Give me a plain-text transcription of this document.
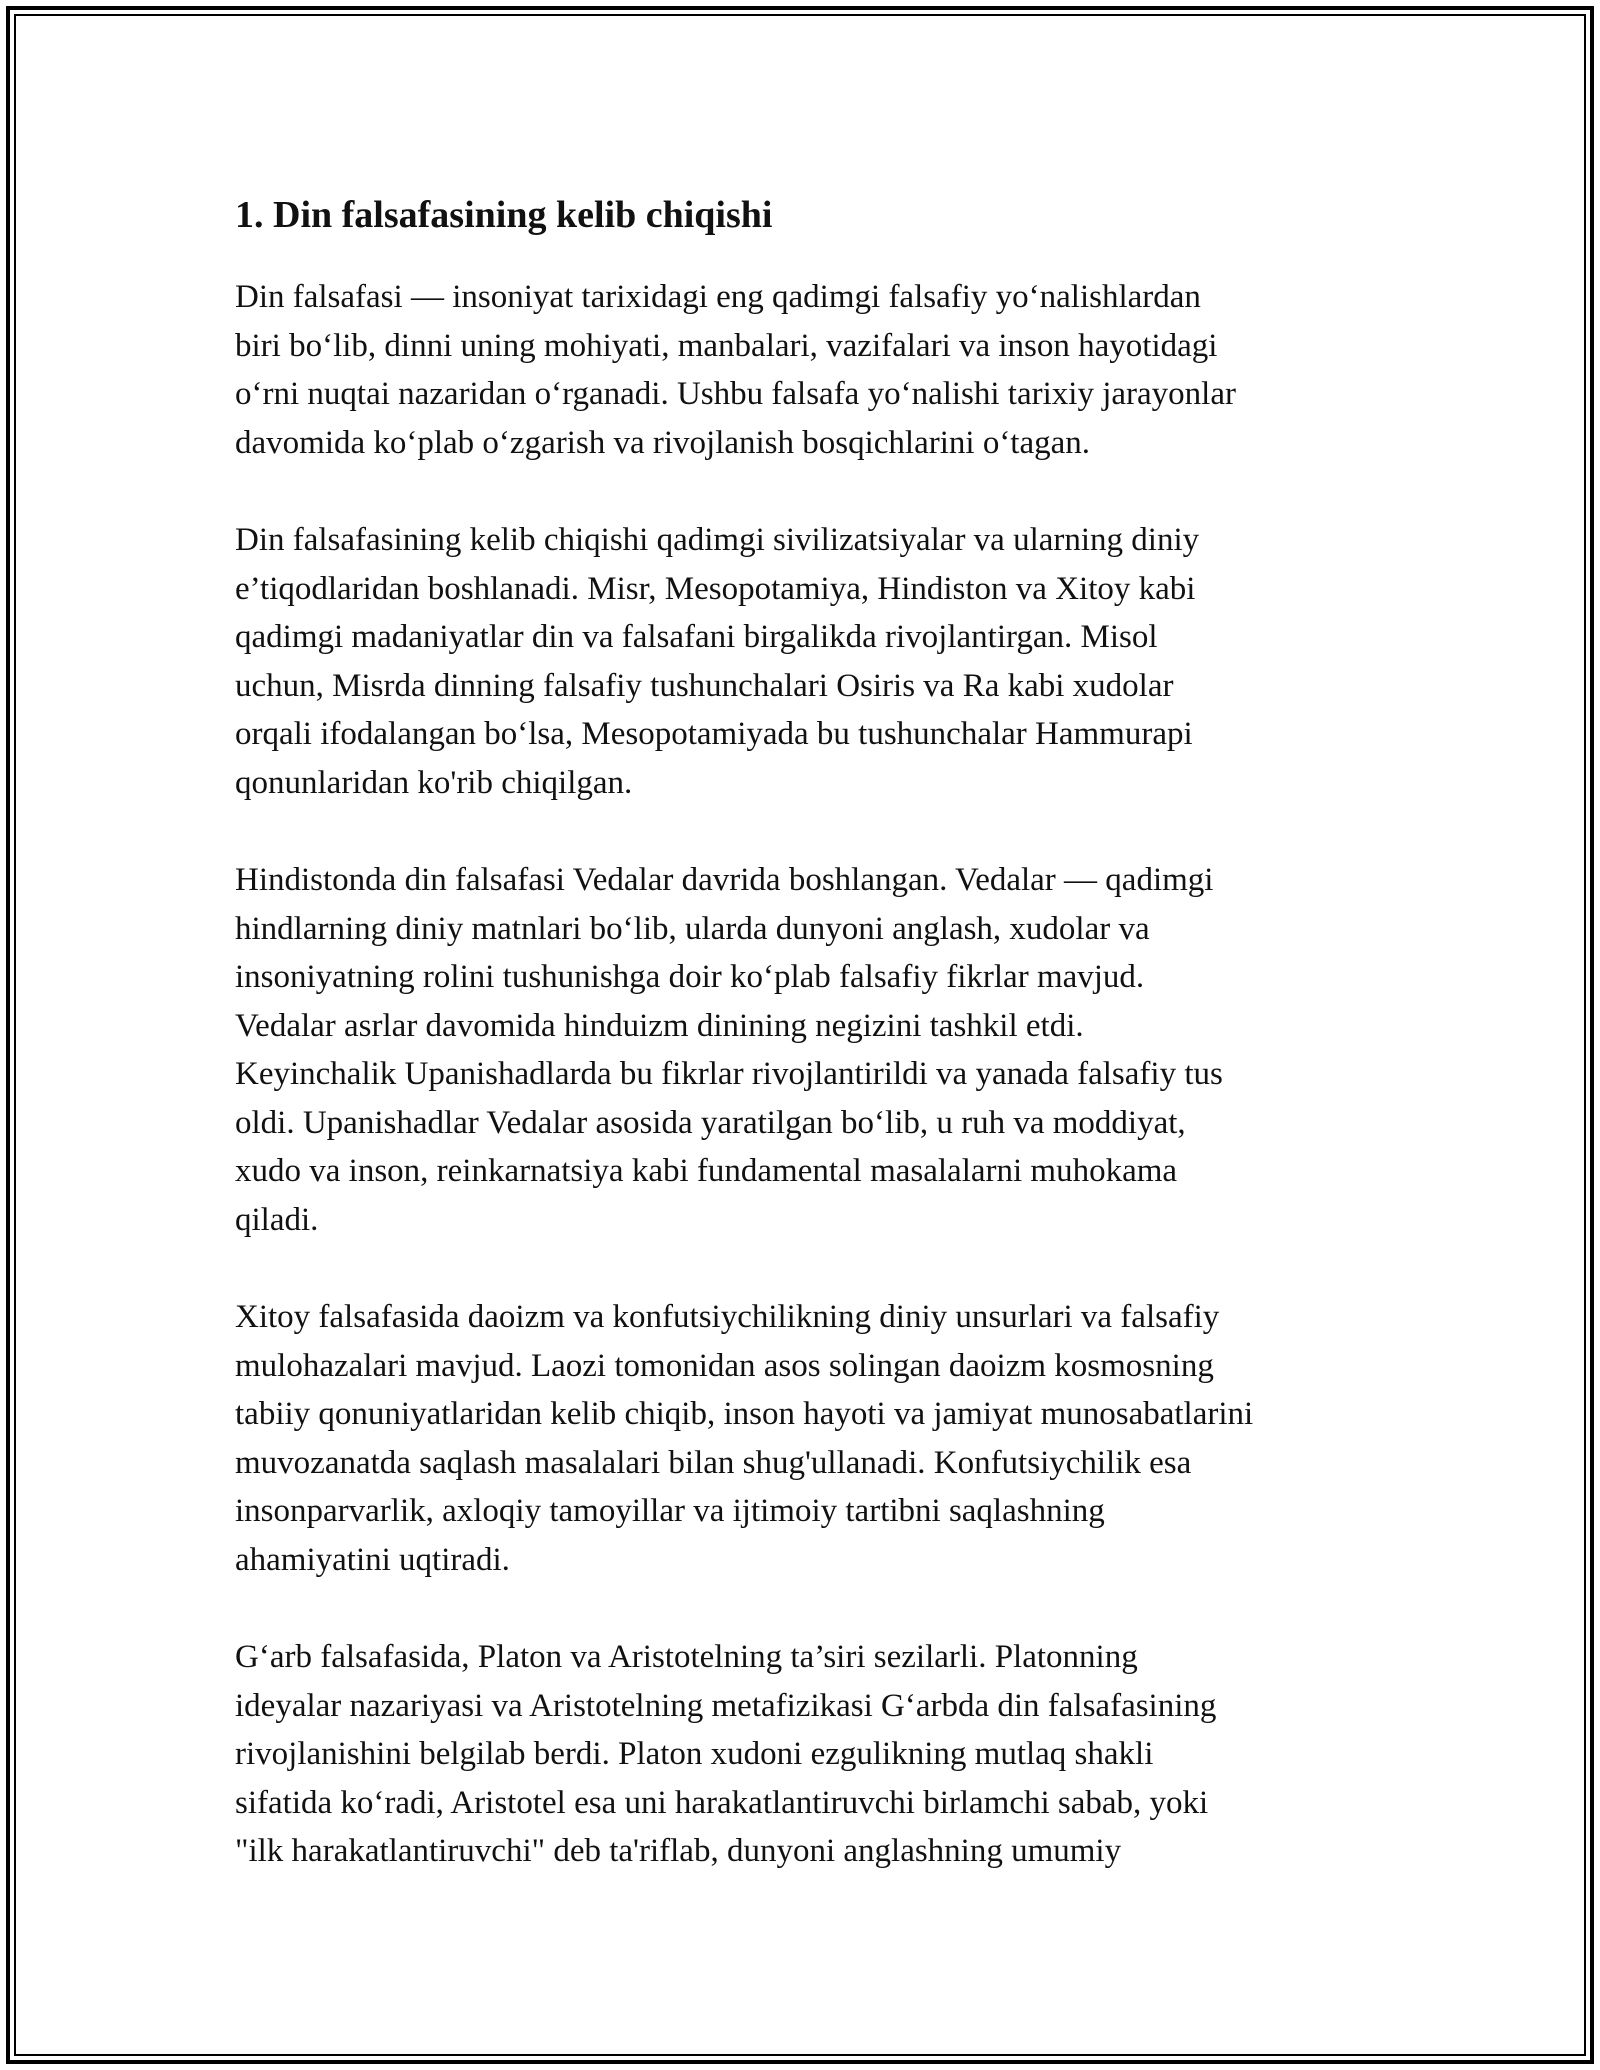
1. Din falsafasining kelib chiqishi

Din falsafasi — insoniyat tarixidagi eng qadimgi falsafiy yoʻnalishlardan
biri boʻlib, dinni uning mohiyati, manbalari, vazifalari va inson hayotidagi
oʻrni nuqtai nazaridan oʻrganadi. Ushbu falsafa yoʻnalishi tarixiy jarayonlar
davomida koʻplab oʻzgarish va rivojlanish bosqichlarini oʻtagan.

Din falsafasining kelib chiqishi qadimgi sivilizatsiyalar va ularning diniy
e’tiqodlaridan boshlanadi. Misr, Mesopotamiya, Hindiston va Xitoy kabi
qadimgi madaniyatlar din va falsafani birgalikda rivojlantirgan. Misol
uchun, Misrda dinning falsafiy tushunchalari Osiris va Ra kabi xudolar
orqali ifodalangan boʻlsa, Mesopotamiyada bu tushunchalar Hammurapi
qonunlaridan ko'rib chiqilgan.

Hindistonda din falsafasi Vedalar davrida boshlangan. Vedalar — qadimgi
hindlarning diniy matnlari boʻlib, ularda dunyoni anglash, xudolar va
insoniyatning rolini tushunishga doir koʻplab falsafiy fikrlar mavjud.
Vedalar asrlar davomida hinduizm dinining negizini tashkil etdi.
Keyinchalik Upanishadlarda bu fikrlar rivojlantirildi va yanada falsafiy tus
oldi. Upanishadlar Vedalar asosida yaratilgan boʻlib, u ruh va moddiyat,
xudo va inson, reinkarnatsiya kabi fundamental masalalarni muhokama
qiladi.

Xitoy falsafasida daoizm va konfutsiychilikning diniy unsurlari va falsafiy
mulohazalari mavjud. Laozi tomonidan asos solingan daoizm kosmosning
tabiiy qonuniyatlaridan kelib chiqib, inson hayoti va jamiyat munosabatlarini
muvozanatda saqlash masalalari bilan shug'ullanadi. Konfutsiychilik esa
insonparvarlik, axloqiy tamoyillar va ijtimoiy tartibni saqlashning
ahamiyatini uqtiradi.

Gʻarb falsafasida, Platon va Aristotelning ta’siri sezilarli. Platonning
ideyalar nazariyasi va Aristotelning metafizikasi Gʻarbda din falsafasining
rivojlanishini belgilab berdi. Platon xudoni ezgulikning mutlaq shakli
sifatida koʻradi, Aristotel esa uni harakatlantiruvchi birlamchi sabab, yoki
"ilk harakatlantiruvchi" deb ta'riflab, dunyoni anglashning umumiy
